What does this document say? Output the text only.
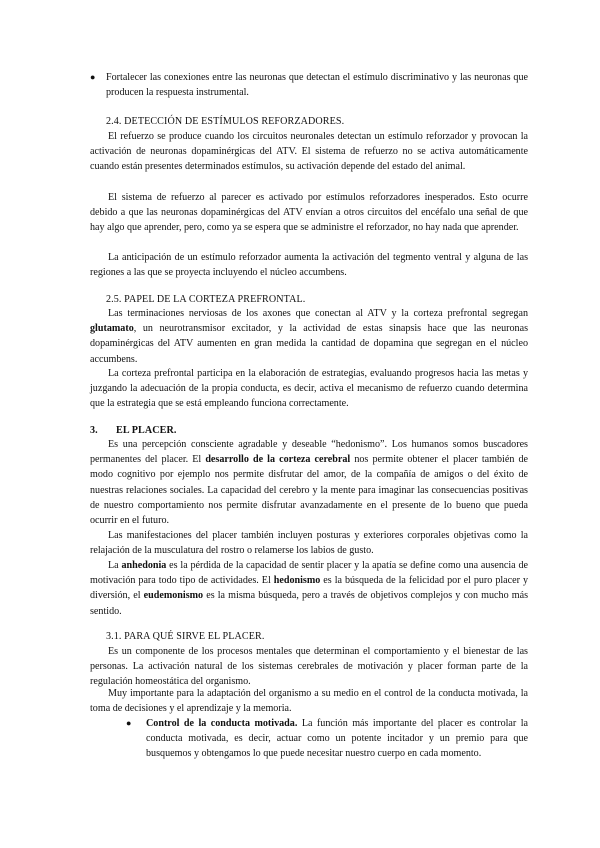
●	Fortalecer las conexiones entre las neuronas que detectan el estímulo discriminativo y las neuronas que producen la respuesta instrumental.

2.4. DETECCIÓN DE ESTÍMULOS REFORZADORES.

El refuerzo se produce cuando los circuitos neuronales detectan un estímulo reforzador y provocan la activación de neuronas dopaminérgicas del ATV. El sistema de refuerzo no se activa automáticamente cuando están presentes determinados estímulos, su activación depende del estado del animal.

El sistema de refuerzo al parecer es activado por estímulos reforzadores inesperados. Esto ocurre debido a que las neuronas dopaminérgicas del ATV envían a otros circuitos del encéfalo una señal de que hay algo que aprender, pero, como ya se espera que se administre el reforzador, no hay nada que aprender.

La anticipación de un estímulo reforzador aumenta la activación del tegmento ventral y alguna de las regiones a las que se proyecta incluyendo el núcleo accumbens.

2.5. PAPEL DE LA CORTEZA PREFRONTAL.

Las terminaciones nerviosas de los axones que conectan al ATV y la corteza prefrontal segregan glutamato, un neurotransmisor excitador, y la actividad de estas sinapsis hace que las neuronas dopaminérgicas del ATV aumenten en gran medida la cantidad de dopamina que segregan en el núcleo accumbens.

La corteza prefrontal participa en la elaboración de estrategias, evaluando progresos hacia las metas y juzgando la adecuación de la propia conducta, es decir, activa el mecanismo de refuerzo cuando determina que la estrategia que se está empleando funciona correctamente.

3. EL PLACER.

Es una percepción consciente agradable y deseable “hedonismo”. Los humanos somos buscadores permanentes del placer. El desarrollo de la corteza cerebral nos permite obtener el placer también de modo cognitivo por ejemplo nos permite disfrutar del amor, de la compañía de amigos o del éxito de nuestras relaciones sociales. La capacidad del cerebro y la mente para imaginar las consecuencias positivas de nuestro comportamiento nos permite disfrutar avanzadamente en el presente de lo bueno que pueda ocurrir en el futuro.

Las manifestaciones del placer también incluyen posturas y exteriores corporales objetivas como la relajación de la musculatura del rostro o relamerse los labios de gusto.

La anhedonia es la pérdida de la capacidad de sentir placer y la apatía se define como una ausencia de motivación para todo tipo de actividades. El hedonismo es la búsqueda de la felicidad por el puro placer y diversión, el eudemonismo es la misma búsqueda, pero a través de objetivos complejos y con mucho más sentido.

3.1. PARA QUÉ SIRVE EL PLACER.

Es un componente de los procesos mentales que determinan el comportamiento y el bienestar de las personas. La activación natural de los sistemas cerebrales de motivación y placer forman parte de la regulación homeostática del organismo.

Muy importante para la adaptación del organismo a su medio en el control de la conducta motivada, la toma de decisiones y el aprendizaje y la memoria.

●	Control de la conducta motivada. La función más importante del placer es controlar la conducta motivada, es decir, actuar como un potente incitador y un premio para que busquemos y obtengamos lo que puede necesitar nuestro cuerpo en cada momento.
